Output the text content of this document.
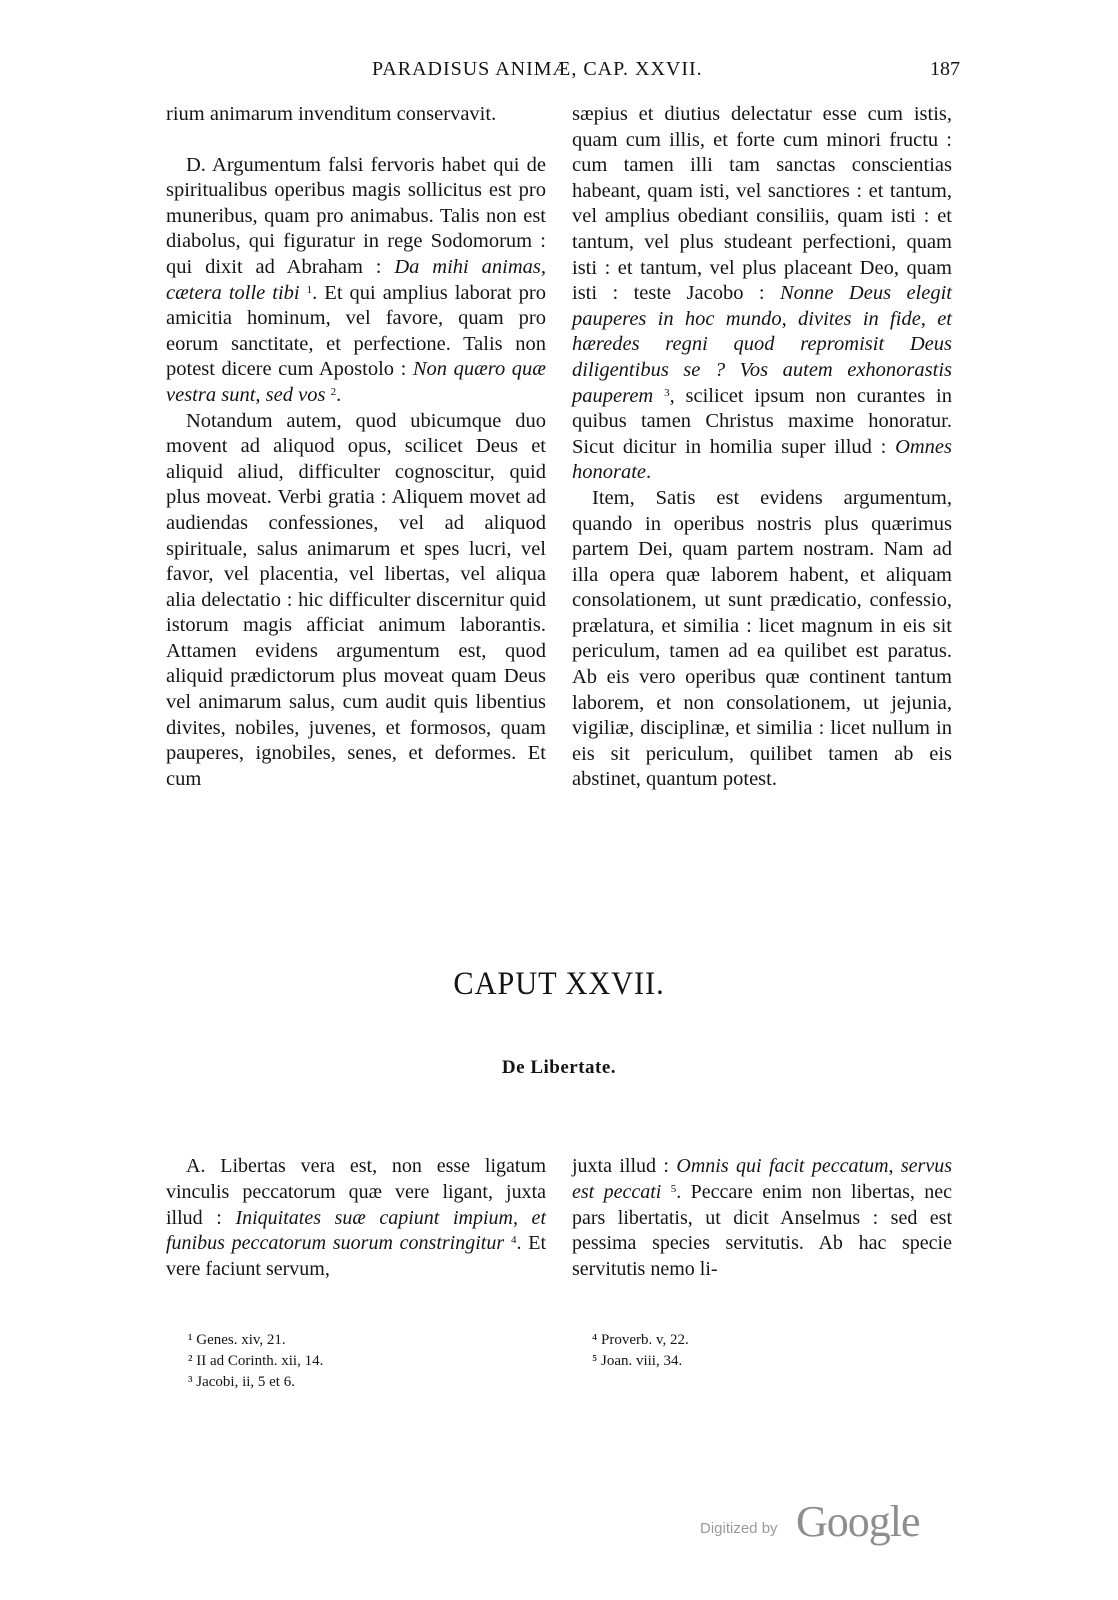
PARADISUS ANIMÆ, CAP. XXVII.	187

rium animarum invenditum conservavit.

D. Argumentum falsi fervoris habet qui de spiritualibus operibus magis sollicitus est pro muneribus, quam pro animabus. Talis non est diabolus, qui figuratur in rege Sodomorum : qui dixit ad Abraham : Da mihi animas, cætera tolle tibi $^1$. Et qui amplius laborat pro amicitia hominum, vel favore, quam pro eorum sanctitate, et perfectione. Talis non potest dicere cum Apostolo : Non quæro quæ vestra sunt, sed vos $^2$.

Notandum autem, quod ubicumque duo movent ad aliquod opus, scilicet Deus et aliquid aliud, difficulter cognoscitur, quid plus moveat. Verbi gratia : Aliquem movet ad audiendas confessiones, vel ad aliquod spirituale, salus animarum et spes lucri, vel favor, vel placentia, vel libertas, vel aliqua alia delectatio : hic difficulter discernitur quid istorum magis afficiat animum laborantis. Attamen evidens argumentum est, quod aliquid prædictorum plus moveat quam Deus vel animarum salus, cum audit quis libentius divites, nobiles, juvenes, et formosos, quam pauperes, ignobiles, senes, et deformes. Et cum

sæpius et diutius delectatur esse cum istis, quam cum illis, et forte cum minori fructu : cum tamen illi tam sanctas conscientias habeant, quam isti, vel sanctiores : et tantum, vel amplius obediant consiliis, quam isti : et tantum, vel plus studeant perfectioni, quam isti : et tantum, vel plus placeant Deo, quam isti : teste Jacobo : Nonne Deus elegit pauperes in hoc mundo, divites in fide, et hæredes regni quod repromisit Deus diligentibus se ? Vos autem exhonorastis pauperem $^3$, scilicet ipsum non curantes in quibus tamen Christus maxime honoratur. Sicut dicitur in homilia super illud : Omnes honorate.

Item, Satis est evidens argumentum, quando in operibus nostris plus quærimus partem Dei, quam partem nostram. Nam ad illa opera quæ laborem habent, et aliquam consolationem, ut sunt prædicatio, confessio, prælatura, et similia : licet magnum in eis sit periculum, tamen ad ea quilibet est paratus. Ab eis vero operibus quæ continent tantum laborem, et non consolationem, ut jejunia, vigiliæ, disciplinæ, et similia : licet nullum in eis sit periculum, quilibet tamen ab eis abstinet, quantum potest.

CAPUT XXVII.
De Libertate.

A. Libertas vera est, non esse ligatum vinculis peccatorum quæ vere ligant, juxta illud : Iniquitates suæ capiunt impium, et funibus peccatorum suorum constringitur $^4$. Et vere faciunt servum,

juxta illud : Omnis qui facit peccatum, servus est peccati $^5$. Peccare enim non libertas, nec pars libertatis, ut dicit Anselmus : sed est pessima species servitutis. Ab hac specie servitutis nemo li-

¹ Genes. xiv, 21.
² II ad Corinth. xii, 14.
³ Jacobi, ii, 5 et 6.
⁴ Proverb. v, 22.
⁵ Joan. viii, 34.
Digitized by Google
